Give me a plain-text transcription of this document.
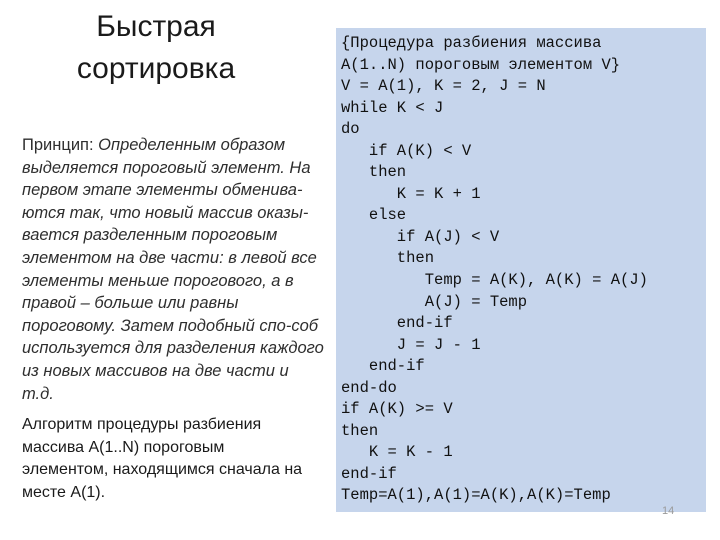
Быстрая
сортировка
Принцип: Определенным образом выделяется пороговый элемент. На первом этапе элементы обменива-ются так, что новый массив оказы-вается разделенным пороговым элементом на две части: в левой все элементы меньше порогового, а в правой – больше или равны пороговому. Затем подобный спо-соб используется для разделения каждого из новых массивов на две части и т.д.
Алгоритм процедуры разбиения массива А(1..N) пороговым элементом, находящимся сначала на месте А(1).
{Процедура разбиения массива
A(1..N) пороговым элементом V}
V = A(1), K = 2, J = N
while K < J
do
if A(K) < V
then
K = K + 1
else
if A(J) < V
then
Temp = A(K), A(K) = A(J)
A(J) = Temp
end-if
J = J - 1
end-if
end-do
if A(K) >= V
then
K = K - 1
end-if
Temp=A(1),A(1)=A(K),A(K)=Temp
14
